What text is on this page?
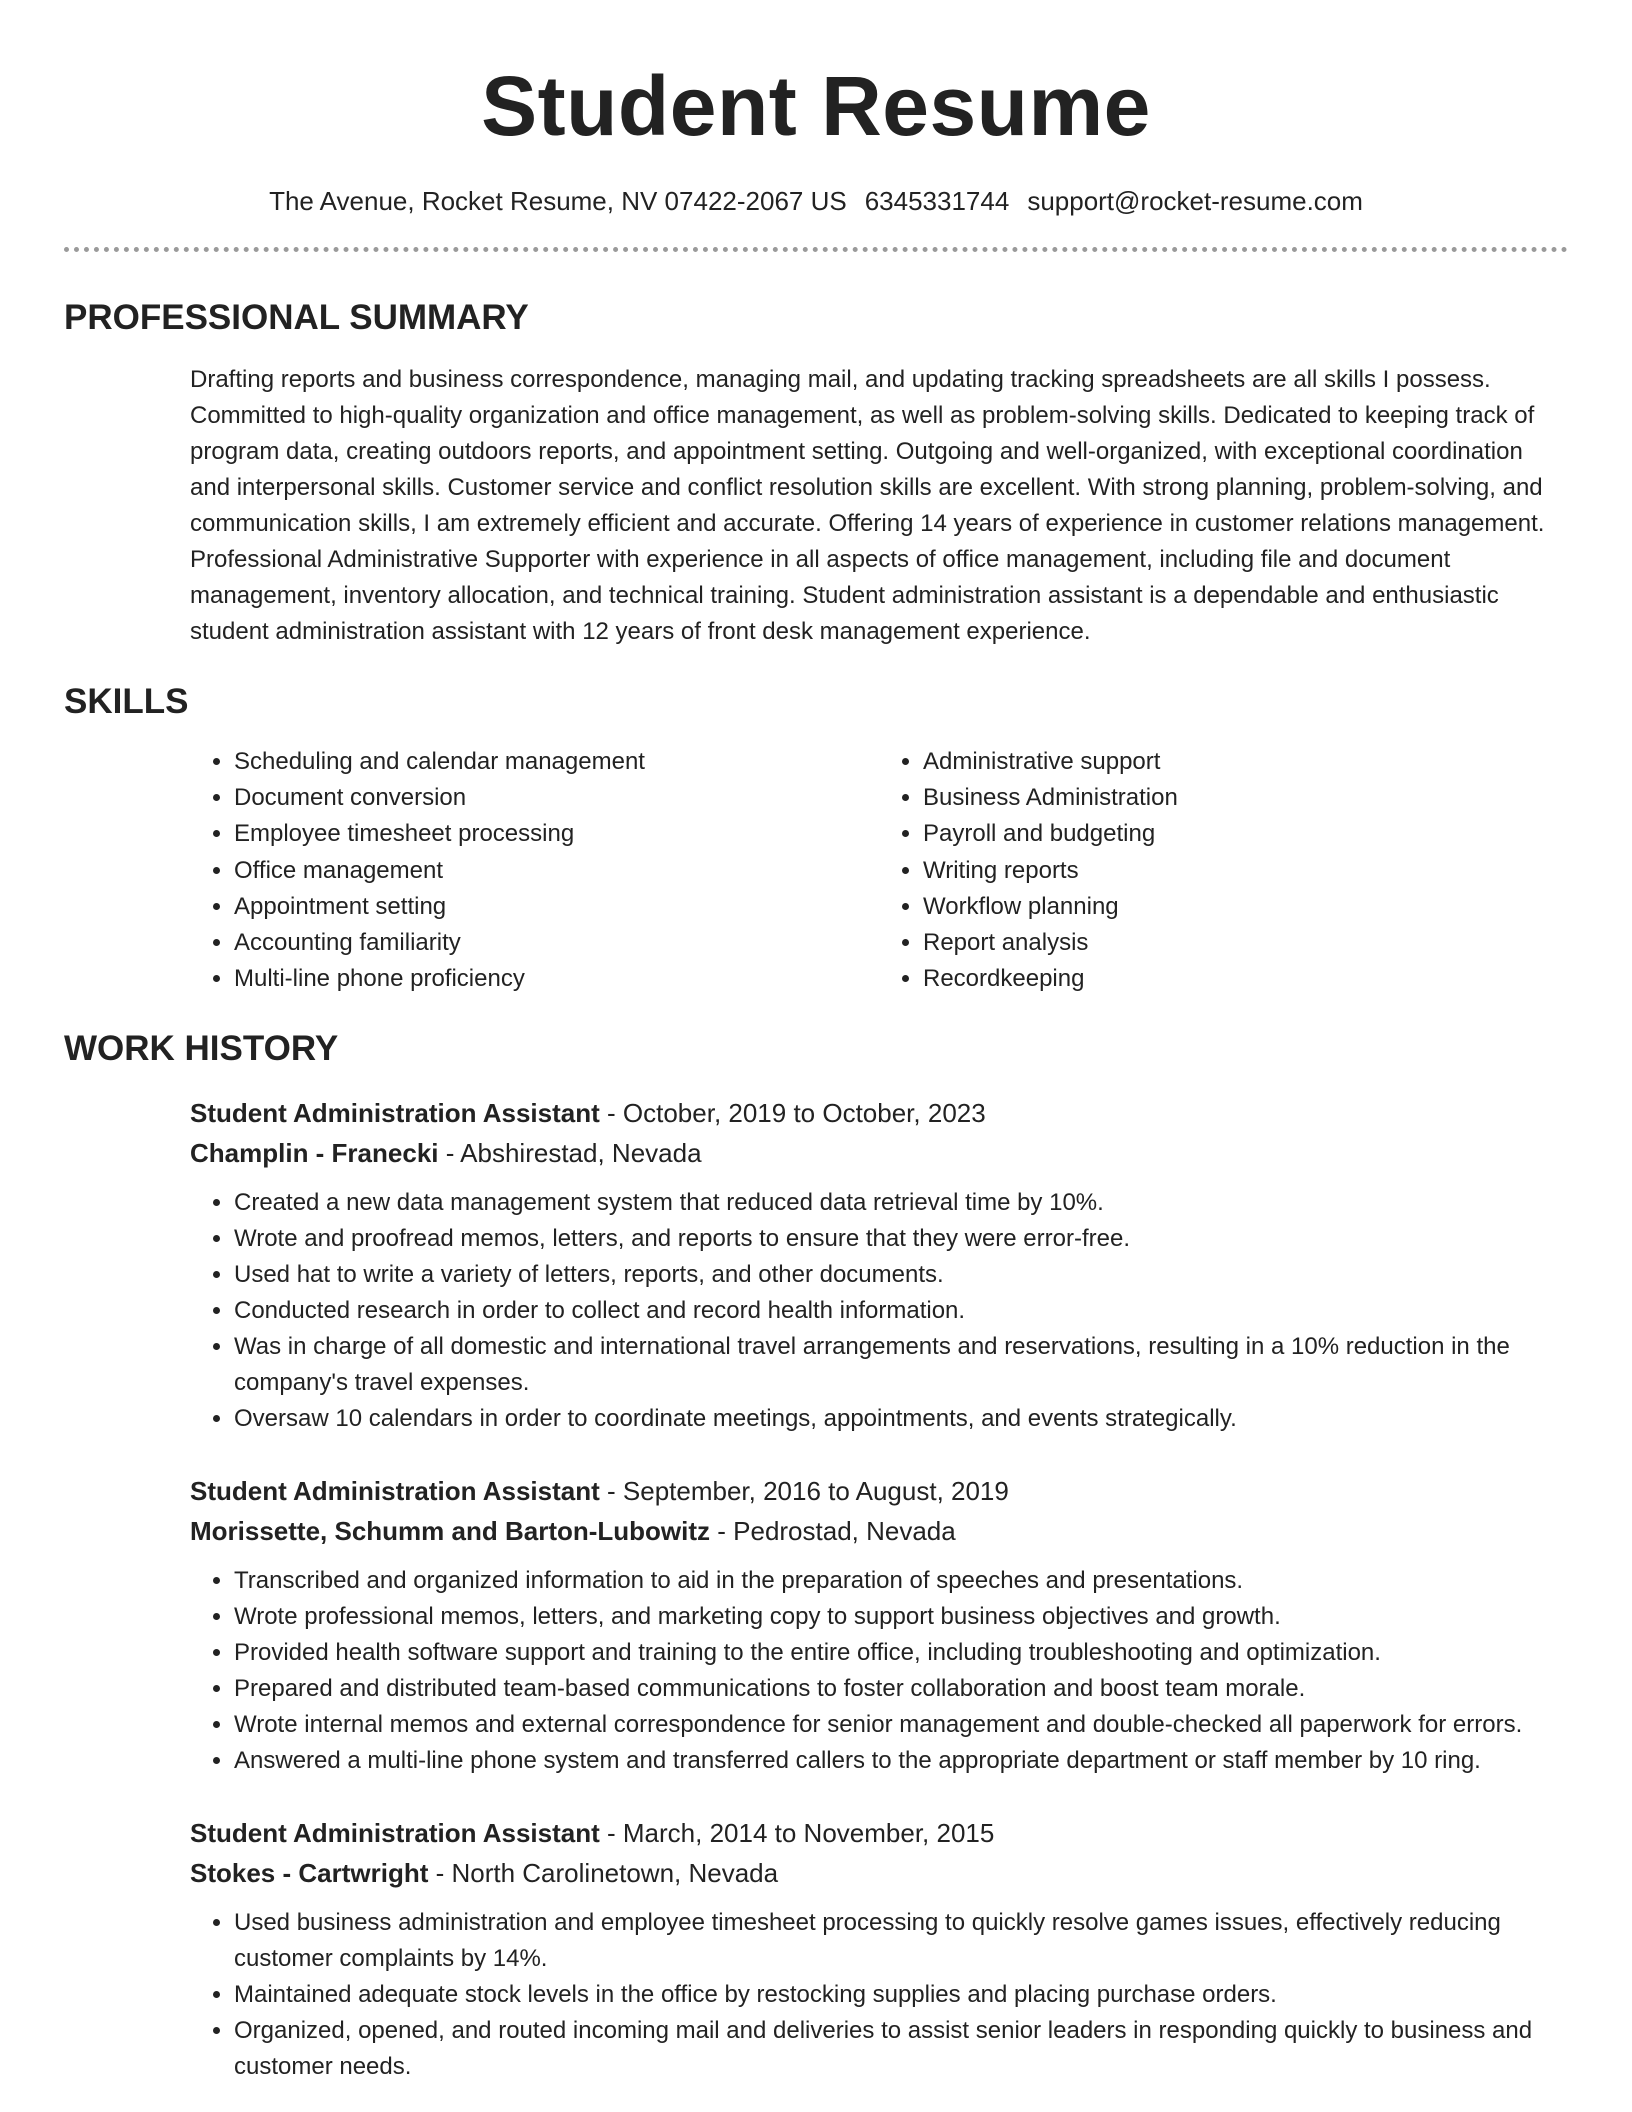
Student Resume
The Avenue, Rocket Resume, NV 07422-2067 US 6345331744 support@rocket-resume.com
PROFESSIONAL SUMMARY

Drafting reports and business correspondence, managing mail, and updating tracking spreadsheets are all skills I possess. Committed to high-quality organization and office management, as well as problem-solving skills. Dedicated to keeping track of program data, creating outdoors reports, and appointment setting. Outgoing and well-organized, with exceptional coordination and interpersonal skills. Customer service and conflict resolution skills are excellent. With strong planning, problem-solving, and communication skills, I am extremely efficient and accurate. Offering 14 years of experience in customer relations management. Professional Administrative Supporter with experience in all aspects of office management, including file and document management, inventory allocation, and technical training. Student administration assistant is a dependable and enthusiastic student administration assistant with 12 years of front desk management experience.

SKILLS
• Scheduling and calendar management
• Document conversion
• Employee timesheet processing
• Office management
• Appointment setting
• Accounting familiarity
• Multi-line phone proficiency
• Administrative support
• Business Administration
• Payroll and budgeting
• Writing reports
• Workflow planning
• Report analysis
• Recordkeeping
WORK HISTORY
Student Administration Assistant - October, 2019 to October, 2023
Champlin - Franecki - Abshirestad, Nevada
• Created a new data management system that reduced data retrieval time by 10%.
• Wrote and proofread memos, letters, and reports to ensure that they were error-free.
• Used hat to write a variety of letters, reports, and other documents.
• Conducted research in order to collect and record health information.
• Was in charge of all domestic and international travel arrangements and reservations, resulting in a 10% reduction in the company's travel expenses.
• Oversaw 10 calendars in order to coordinate meetings, appointments, and events strategically.
Student Administration Assistant - September, 2016 to August, 2019
Morissette, Schumm and Barton-Lubowitz - Pedrostad, Nevada
• Transcribed and organized information to aid in the preparation of speeches and presentations.
• Wrote professional memos, letters, and marketing copy to support business objectives and growth.
• Provided health software support and training to the entire office, including troubleshooting and optimization.
• Prepared and distributed team-based communications to foster collaboration and boost team morale.
• Wrote internal memos and external correspondence for senior management and double-checked all paperwork for errors.
• Answered a multi-line phone system and transferred callers to the appropriate department or staff member by 10 ring.
Student Administration Assistant - March, 2014 to November, 2015
Stokes - Cartwright - North Carolinetown, Nevada
• Used business administration and employee timesheet processing to quickly resolve games issues, effectively reducing customer complaints by 14%.
• Maintained adequate stock levels in the office by restocking supplies and placing purchase orders.
• Organized, opened, and routed incoming mail and deliveries to assist senior leaders in responding quickly to business and customer needs.
